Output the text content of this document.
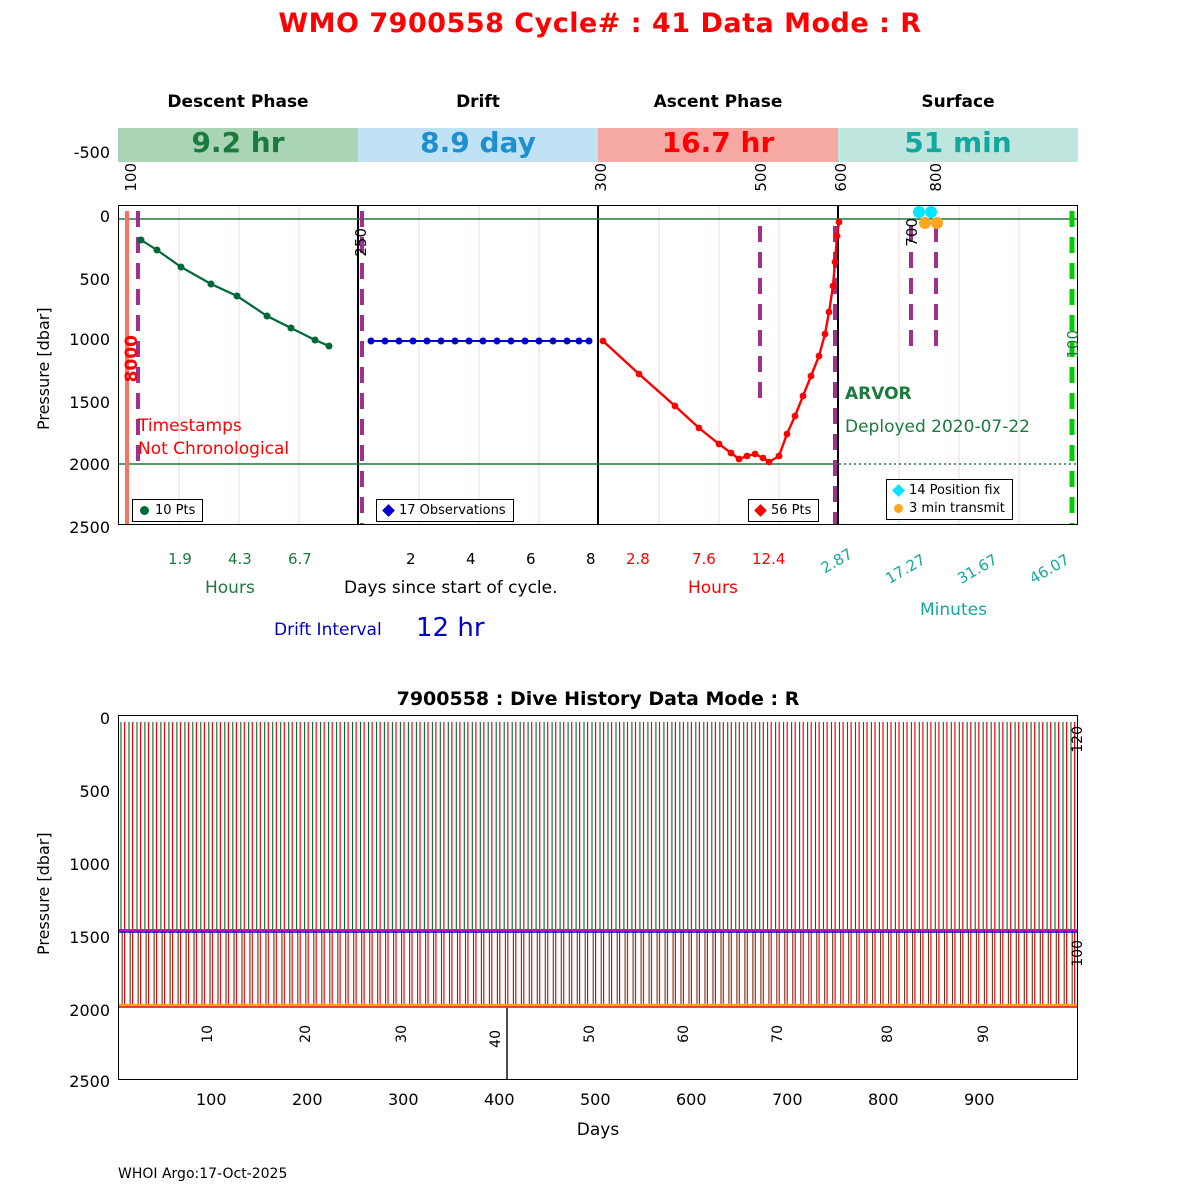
WMO 7900558 Cycle# : 41 Data Mode : R
Descent Phase	Drift	Ascent Phase	Surface
9.2 hr	8.9 day	16.7 hr	51 min
Pressure [dbar]
-500
0
500
1000
1500
2000
2500
100
250
300	500	600
700
800
100
8000
Timestamps
Not Chronological
ARVOR
Deployed 2020-07-22
10 Pts	17 Observations	56 Pts
14 Position fix
3 min transmit
1.9 4.3 6.7
Hours
2	4	6	8
Days since start of cycle.
2.8	7.6 12.4
Hours
2.87 17.27 31.67 46.07
Minutes
Drift Interval 12 hr
7900558 : Dive History Data Mode : R
Pressure [dbar]
0
500
1000
1500
2000
2500
100	200	300	400	500	600	700	800	900
Days
10	20	30	40	50	60	70	80	90
120
100
WHOI Argo:17-Oct-2025
